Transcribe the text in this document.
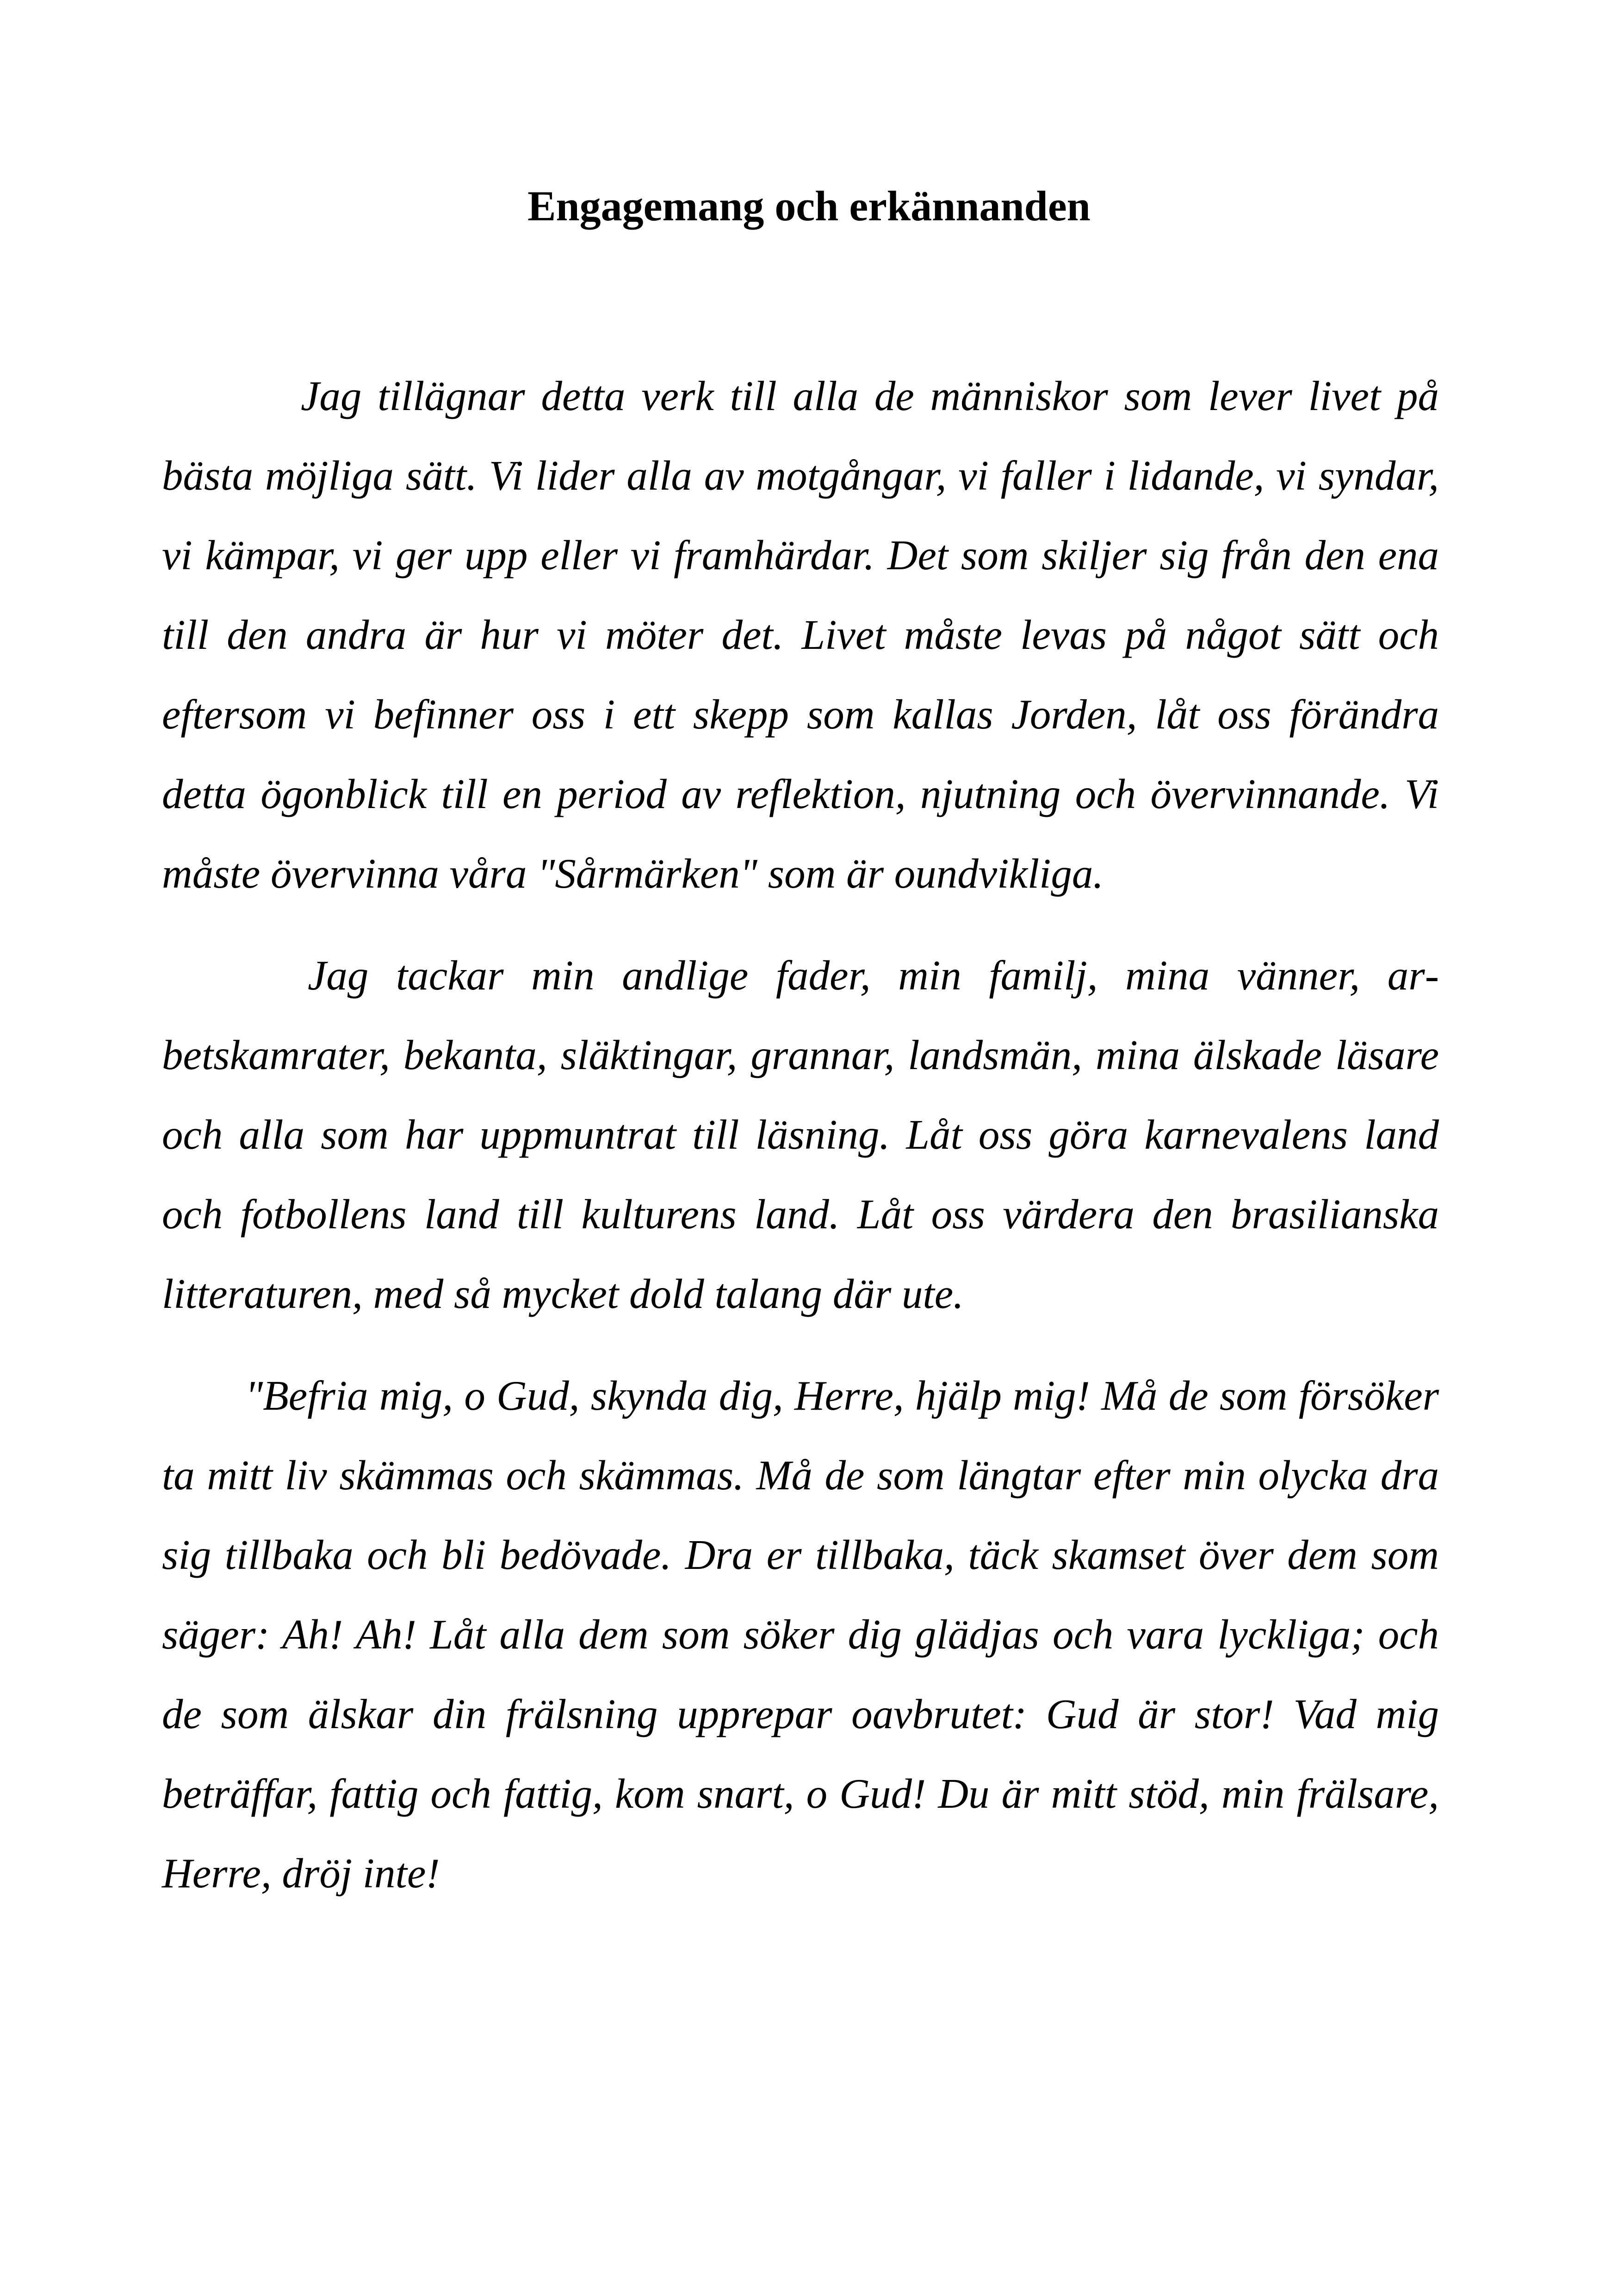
Engagemang och erkännanden

Jag tillägnar detta verk till alla de människor som lever livet på bästa möjliga sätt. Vi lider alla av motgångar, vi faller i lidande, vi syndar, vi kämpar, vi ger upp eller vi framhärdar. Det som skiljer sig från den ena till den andra är hur vi möter det. Livet måste levas på något sätt och eftersom vi befinner oss i ett skepp som kallas Jorden, låt oss förändra detta ögonblick till en period av reflektion, njutning och övervinnande. Vi måste övervinna våra "Sårmärken" som är oundvikliga.

Jag tackar min andlige fader, min familj, mina vänner, arbetskamrater, bekanta, släktingar, grannar, landsmän, mina älskade läsare och alla som har uppmuntrat till läsning. Låt oss göra karnevalens land och fotbollens land till kulturens land. Låt oss värdera den brasilianska litteraturen, med så mycket dold talang där ute.

"Befria mig, o Gud, skynda dig, Herre, hjälp mig! Må de som försöker ta mitt liv skämmas och skämmas. Må de som längtar efter min olycka dra sig tillbaka och bli bedövade. Dra er tillbaka, täck skamset över dem som säger: Ah! Ah! Låt alla dem som söker dig glädjas och vara lyckliga; och de som älskar din frälsning upprepar oavbrutet: Gud är stor! Vad mig beträffar, fattig och fattig, kom snart, o Gud! Du är mitt stöd, min frälsare, Herre, dröj inte!
